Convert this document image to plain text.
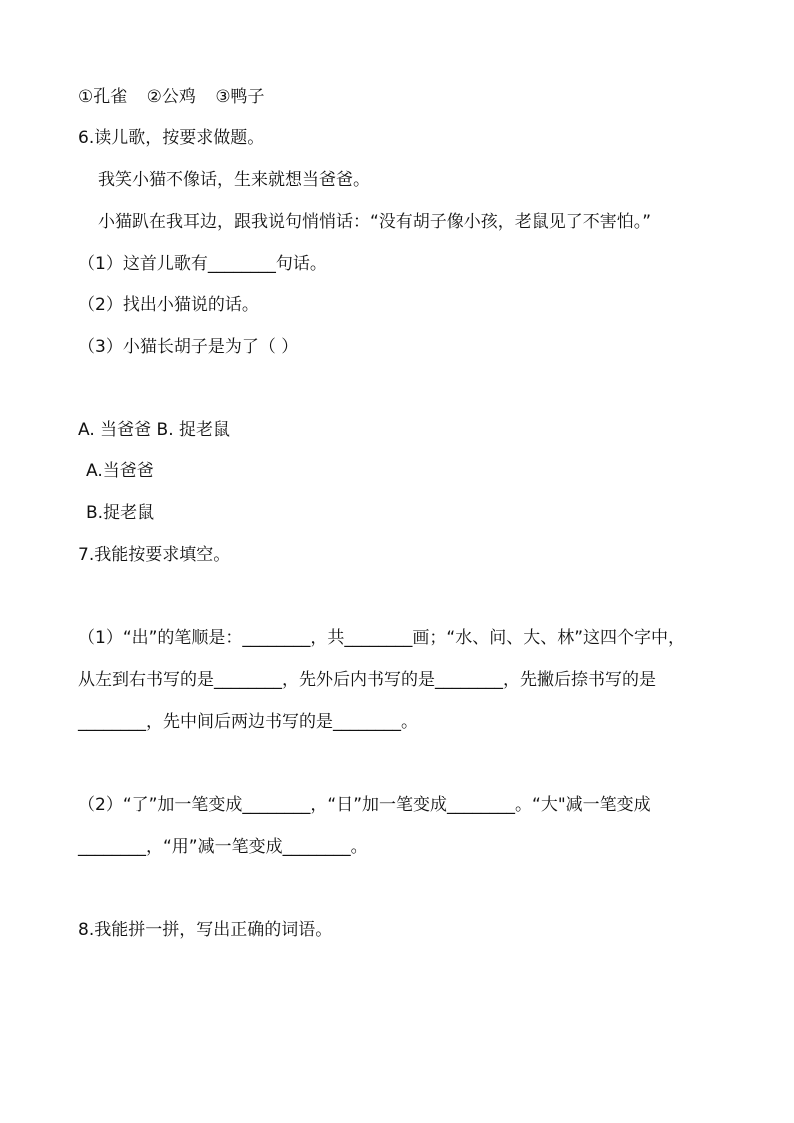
①孔雀 ②公鸡 ③鸭子
6.读儿歌，按要求做题。
我笑小猫不像话，生来就想当爸爸。
小猫趴在我耳边，跟我说句悄悄话：“没有胡子像小孩，老鼠见了不害怕。”
（1）这首儿歌有________句话。
（2）找出小猫说的话。
（3）小猫长胡子是为了（ ）
A. 当爸爸 B. 捉老鼠
A.当爸爸
B.捉老鼠
7.我能按要求填空。
（1）“出”的笔顺是：________，共________画；“水、问、大、林”这四个字中，
从左到右书写的是________，先外后内书写的是________，先撇后捺书写的是
________，先中间后两边书写的是________。
（2）“了”加一笔变成________，“日”加一笔变成________。“大"减一笔变成
________，“用”减一笔变成________。
8.我能拼一拼，写出正确的词语。
